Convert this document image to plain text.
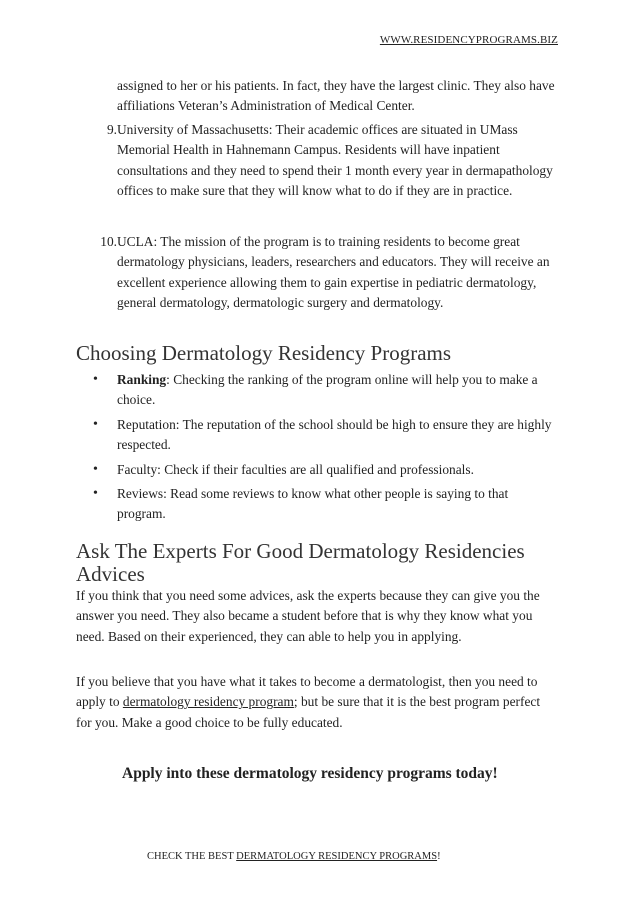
WWW.RESIDENCYPROGRAMS.BIZ
assigned to her or his patients. In fact, they have the largest clinic. They also have affiliations Veteran’s Administration of Medical Center.
9. University of Massachusetts: Their academic offices are situated in UMass Memorial Health in Hahnemann Campus. Residents will have inpatient consultations and they need to spend their 1 month every year in dermapathology offices to make sure that they will know what to do if they are in practice.
10. UCLA: The mission of the program is to training residents to become great dermatology physicians, leaders, researchers and educators. They will receive an excellent experience allowing them to gain expertise in pediatric dermatology, general dermatology, dermatologic surgery and dermatology.
Choosing Dermatology Residency Programs
•	Ranking: Checking the ranking of the program online will help you to make a choice.
•	Reputation: The reputation of the school should be high to ensure they are highly respected.
•	Faculty: Check if their faculties are all qualified and professionals.
•	Reviews: Read some reviews to know what other people is saying to that program.
Ask The Experts For Good Dermatology Residencies Advices

If you think that you need some advices, ask the experts because they can give you the answer you need. They also became a student before that is why they know what you need. Based on their experienced, they can able to help you in applying.

If you believe that you have what it takes to become a dermatologist, then you need to apply to dermatology residency program; but be sure that it is the best program perfect for you. Make a good choice to be fully educated.

Apply into these dermatology residency programs today!
CHECK THE BEST DERMATOLOGY RESIDENCY PROGRAMS!
